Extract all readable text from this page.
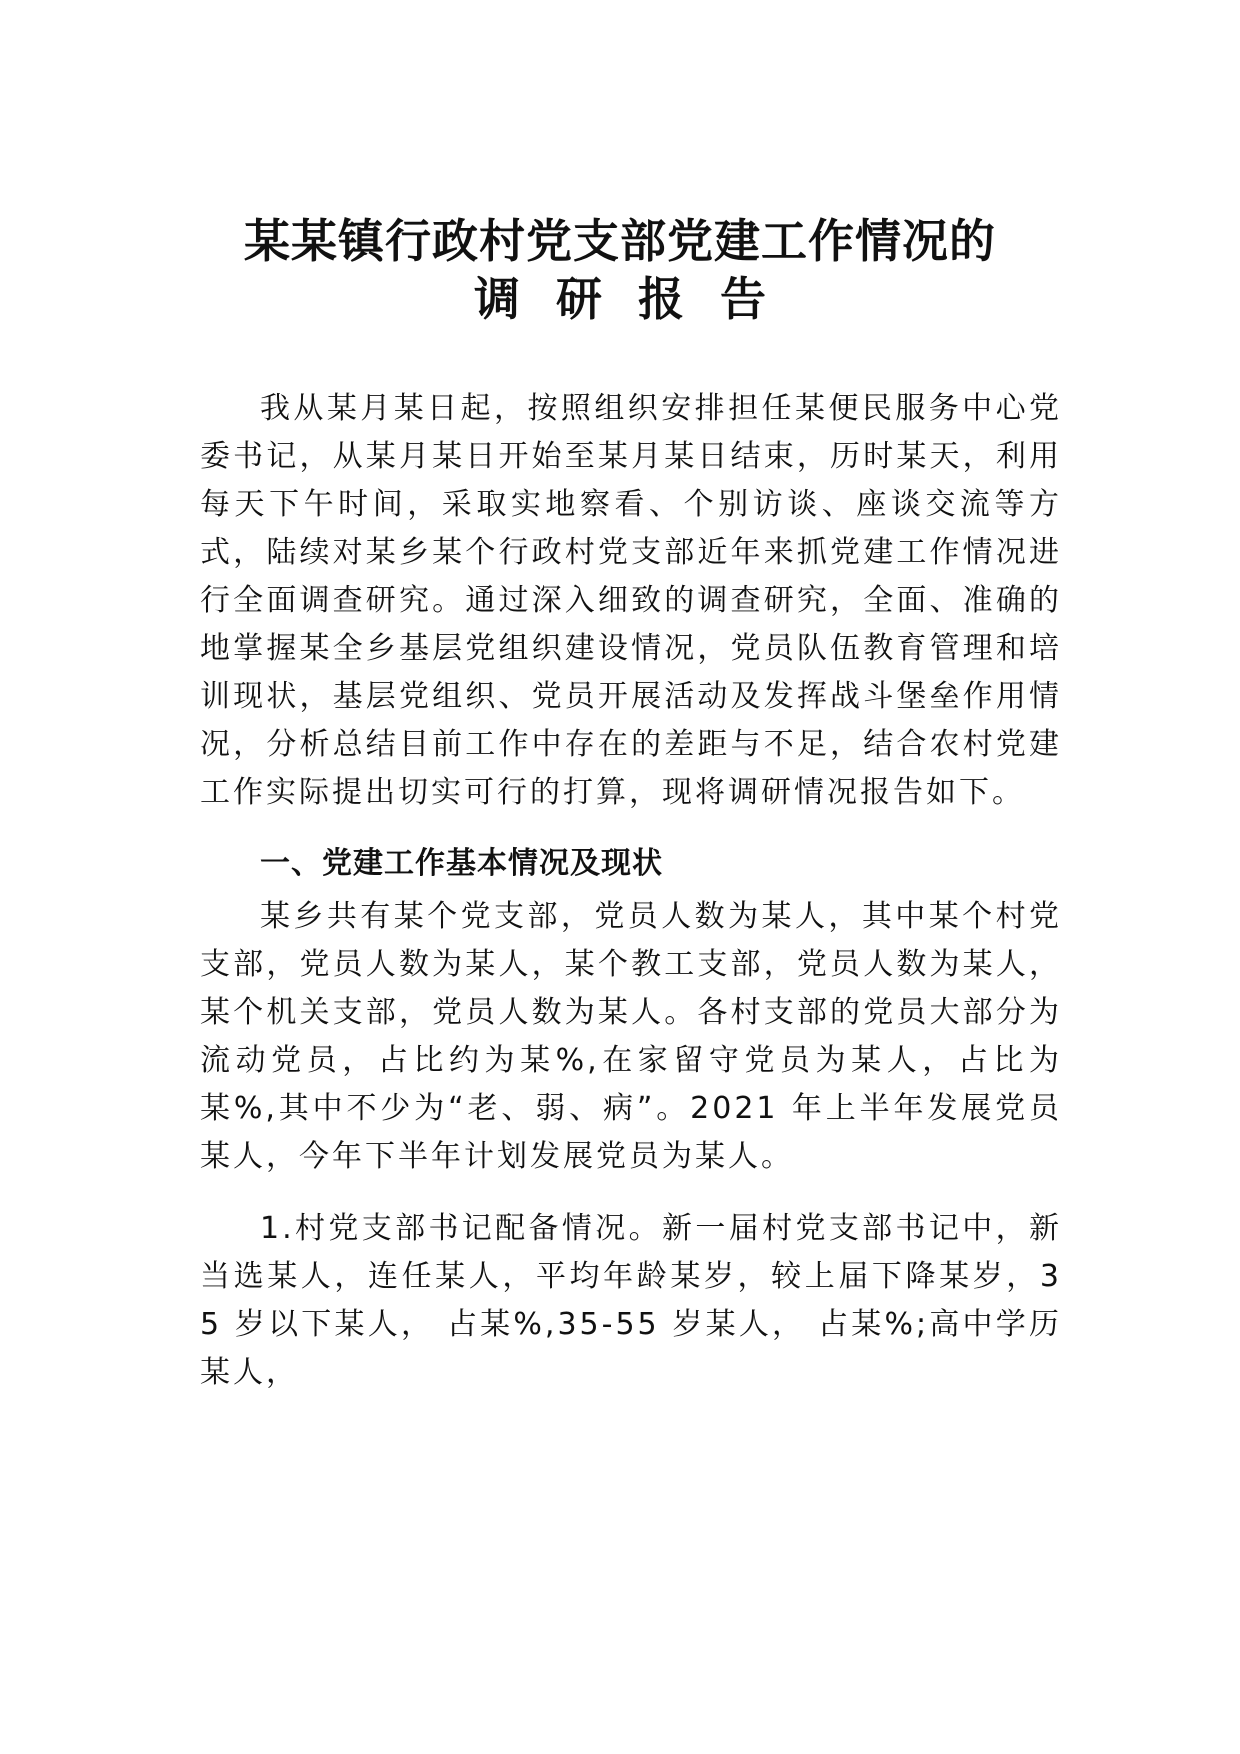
某某镇行政村党支部党建工作情况的
调研报告

我从某月某日起，按照组织安排担任某便民服务中心党委书记，从某月某日开始至某月某日结束，历时某天，利用每天下午时间，采取实地察看、个别访谈、座谈交流等方式，陆续对某乡某个行政村党支部近年来抓党建工作情况进行全面调查研究。通过深入细致的调查研究，全面、准确的地掌握某全乡基层党组织建设情况，党员队伍教育管理和培训现状，基层党组织、党员开展活动及发挥战斗堡垒作用情况，分析总结目前工作中存在的差距与不足，结合农村党建工作实际提出切实可行的打算，现将调研情况报告如下。

一、党建工作基本情况及现状

某乡共有某个党支部，党员人数为某人，其中某个村党支部，党员人数为某人，某个教工支部，党员人数为某人，某个机关支部，党员人数为某人。各村支部的党员大部分为流动党员，占比约为某%,在家留守党员为某人，占比为某%,其中不少为“老、弱、病”。2021 年上半年发展党员某人，今年下半年计划发展党员为某人。

1.村党支部书记配备情况。新一届村党支部书记中，新当选某人，连任某人，平均年龄某岁，较上届下降某岁，35 岁以下某人， 占某%,35-55 岁某人， 占某%;高中学历某人，
